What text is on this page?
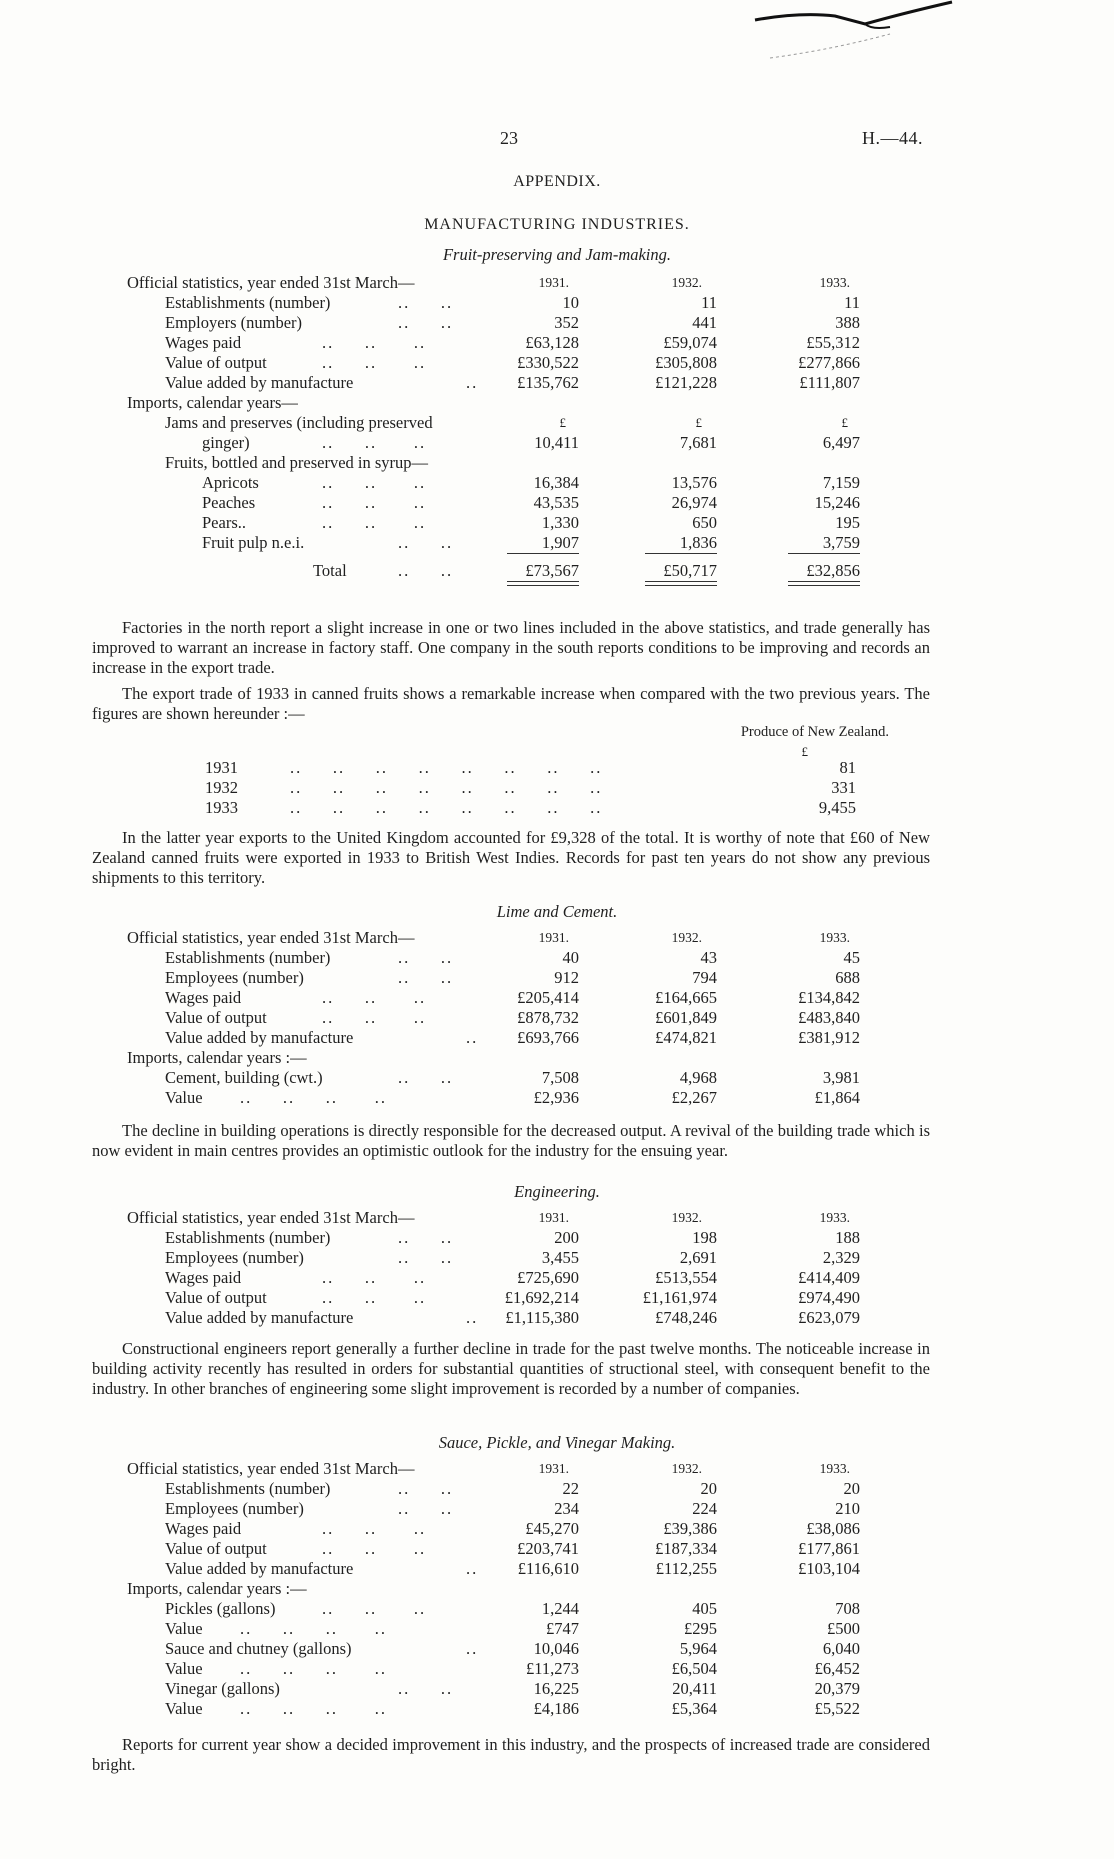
23	H.—44.
APPENDIX.
MANUFACTURING INDUSTRIES.
Fruit-preserving and Jam-making.
Official statistics, year ended 31st March—	1931.	1932.	1933.
Establishments (number)	..     ..	10	11	11
Employers (number)	..     ..	352	441	388
Wages paid	..     ..      ..	£63,128	£59,074	£55,312
Value of output	..     ..      ..	£330,522	£305,808	£277,866
Value added by manufacture	.. £135,762	£121,228	£111,807
Imports, calendar years—
Jams and preserves (including preserved	£	£	£
ginger)	..     ..      ..	10,411	7,681	6,497
Fruits, bottled and preserved in syrup—
Apricots	..     ..      ..	16,384	13,576	7,159
Peaches	..     ..      ..	43,535	26,974	15,246
Pears..	..     ..      ..	1,330	650	195
Fruit pulp n.e.i.	..     ..	1,907	1,836	3,759
Total	..     ..	£73,567	£50,717	£32,856

Factories in the north report a slight increase in one or two lines included in the above statistics, and trade generally has improved to warrant an increase in factory staff. One company in the south reports conditions to be improving and records an increase in the export trade.

The export trade of 1933 in canned fruits shows a remarkable increase when compared with the two previous years. The figures are shown hereunder :—

Produce of New Zealand.
£
1931	..     ..     ..     ..     ..     ..     ..     ..	81
1932	..     ..     ..     ..     ..     ..     ..     ..	331
1933	..     ..     ..     ..     ..     ..     ..     ..	9,455

In the latter year exports to the United Kingdom accounted for £9,328 of the total. It is worthy of note that £60 of New Zealand canned fruits were exported in 1933 to British West Indies. Records for past ten years do not show any previous shipments to this territory.

Lime and Cement.
Official statistics, year ended 31st March—	1931.	1932.	1933.
Establishments (number)	..     ..	40	43	45
Employees (number)	..     ..	912	794	688
Wages paid	..     ..      ..	£205,414	£164,665	£134,842
Value of output	..     ..      ..	£878,732	£601,849	£483,840
Value added by manufacture	.. £693,766	£474,821	£381,912
Imports, calendar years :—
Cement, building (cwt.)	..     ..	7,508	4,968	3,981
Value ..     ..     ..      ..	£2,936	£2,267	£1,864

The decline in building operations is directly responsible for the decreased output. A revival of the building trade which is now evident in main centres provides an optimistic outlook for the industry for the ensuing year.

Engineering.
Official statistics, year ended 31st March—	1931.	1932.	1933.
Establishments (number)	..     ..	200	198	188
Employees (number)	..     ..	3,455	2,691	2,329
Wages paid	..     ..      ..	£725,690	£513,554	£414,409
Value of output	..     ..      ..	£1,692,214	£1,161,974	£974,490
Value added by manufacture	.. £1,115,380	£748,246	£623,079

Constructional engineers report generally a further decline in trade for the past twelve months. The noticeable increase in building activity recently has resulted in orders for substantial quantities of structional steel, with consequent benefit to the industry. In other branches of engineering some slight improvement is recorded by a number of companies.

Sauce, Pickle, and Vinegar Making.
Official statistics, year ended 31st March—	1931.	1932.	1933.
Establishments (number)	..     ..	22	20	20
Employees (number)	..     ..	234	224	210
Wages paid	..     ..      ..	£45,270	£39,386	£38,086
Value of output	..     ..      ..	£203,741	£187,334	£177,861
Value added by manufacture	.. £116,610	£112,255	£103,104
Imports, calendar years :—
Pickles (gallons)	..     ..      ..	1,244	405	708
Value ..     ..     ..      ..	£747	£295	£500
Sauce and chutney (gallons)	..	10,046	5,964	6,040
Value ..     ..     ..      ..	£11,273	£6,504	£6,452
Vinegar (gallons)	..     ..	16,225	20,411	20,379
Value ..     ..     ..      ..	£4,186	£5,364	£5,522

Reports for current year show a decided improvement in this industry, and the prospects of increased trade are considered bright.
